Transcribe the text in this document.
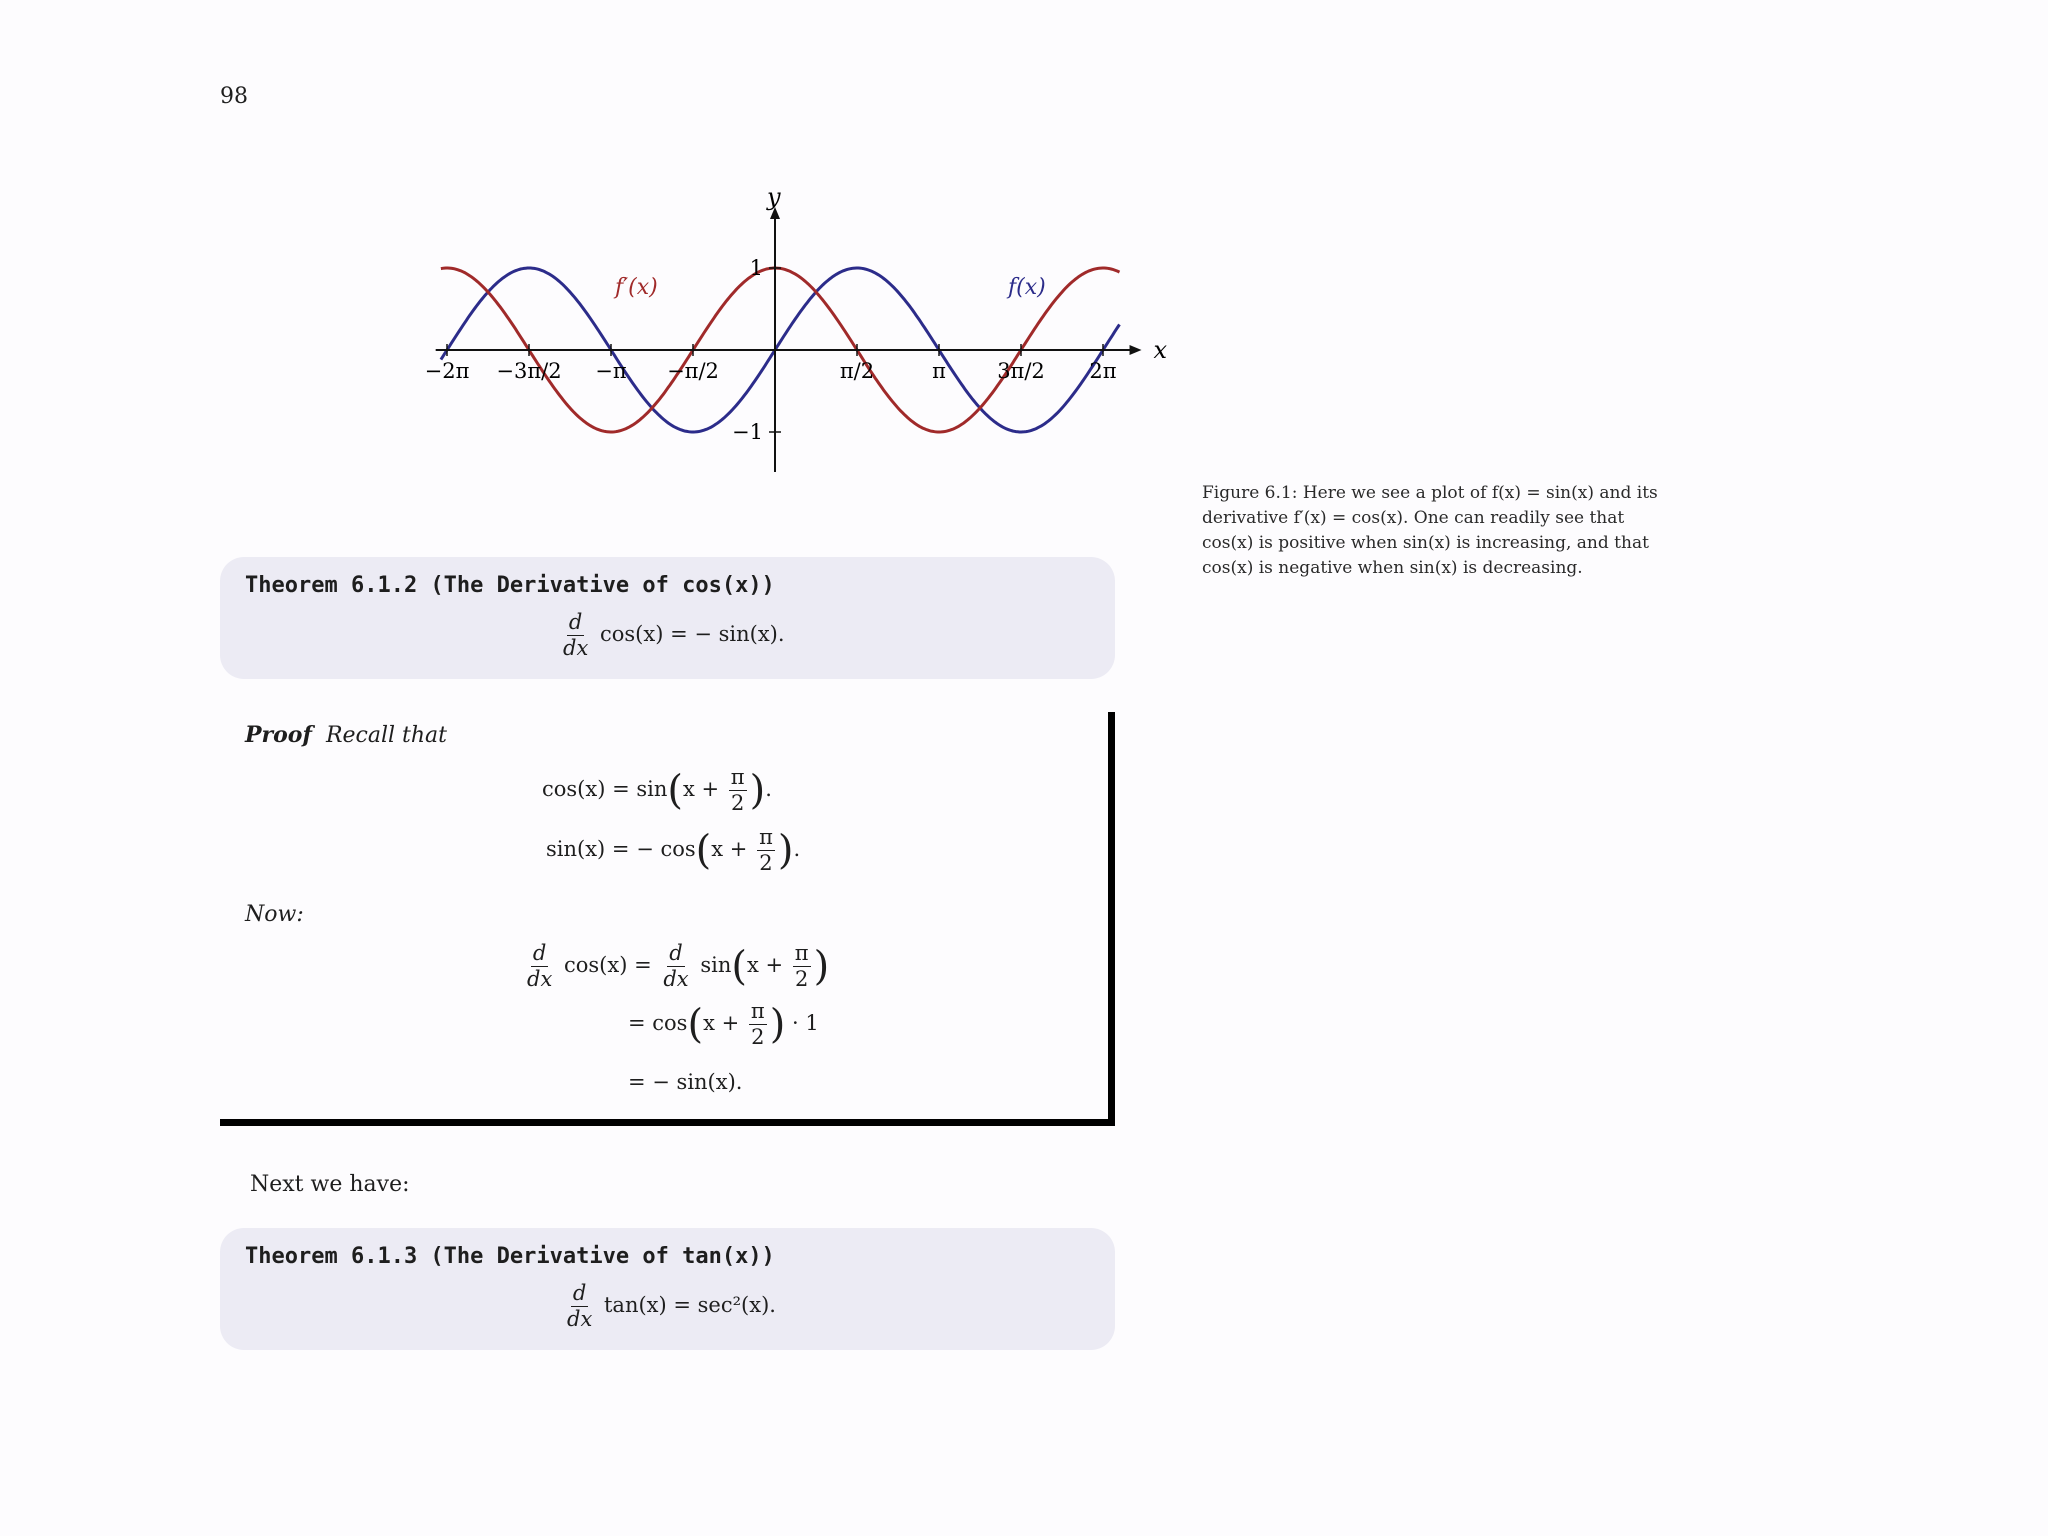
98
x
y
−2π −3π/2 −π −π/2	π/2	π 3π/2 2π
1
−1
f′(x)	f(x)
Figure 6.1: Here we see a plot of f(x) = sin(x) and its derivative f′(x) = cos(x). One can readily see that cos(x) is positive when sin(x) is increasing, and that cos(x) is negative when sin(x) is decreasing.
Theorem 6.1.2 (The Derivative of cos(x))
$\frac{d}{dx} \cos(x)$ = − sin(x).
Proof Recall that
$\cos(x) = \sin(x + \frac{\pi}{2}$ ).
sin(x) = − $\cos(x + \frac{\pi}{2}$ ).
Now:
$\frac{d}{dx} \cos(x) = \frac{d}{dx} \sin(x + \frac{\pi}{2}$ )
= $\cos(x + \frac{\pi}{2}$ ) · 1
= − sin(x).
Next we have:
Theorem 6.1.3 (The Derivative of tan(x))
$\frac{d}{dx} \tan(x) = \sec^2(x)$.
